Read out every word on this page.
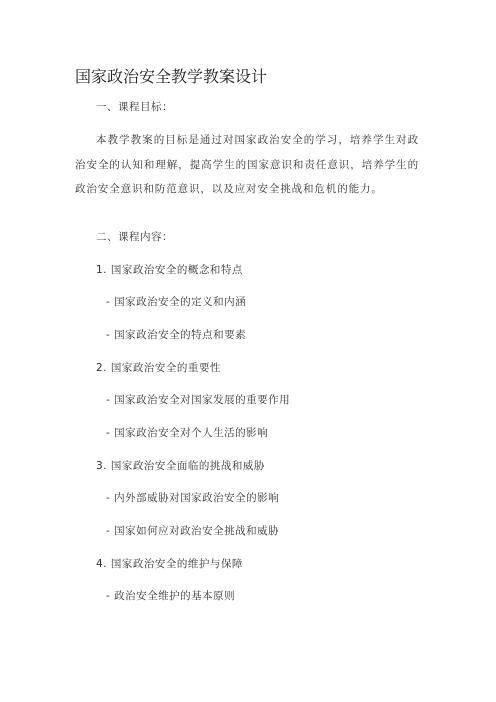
国家政治安全教学教案设计
一、课程目标：
本教学教案的目标是通过对国家政治安全的学习，培养学生对政治安全的认知和理解，提高学生的国家意识和责任意识，培养学生的政治安全意识和防范意识，以及应对安全挑战和危机的能力。
二、课程内容：
1. 国家政治安全的概念和特点
- 国家政治安全的定义和内涵
- 国家政治安全的特点和要素
2. 国家政治安全的重要性
- 国家政治安全对国家发展的重要作用
- 国家政治安全对个人生活的影响
3. 国家政治安全面临的挑战和威胁
- 内外部威胁对国家政治安全的影响
- 国家如何应对政治安全挑战和威胁
4. 国家政治安全的维护与保障
- 政治安全维护的基本原则
